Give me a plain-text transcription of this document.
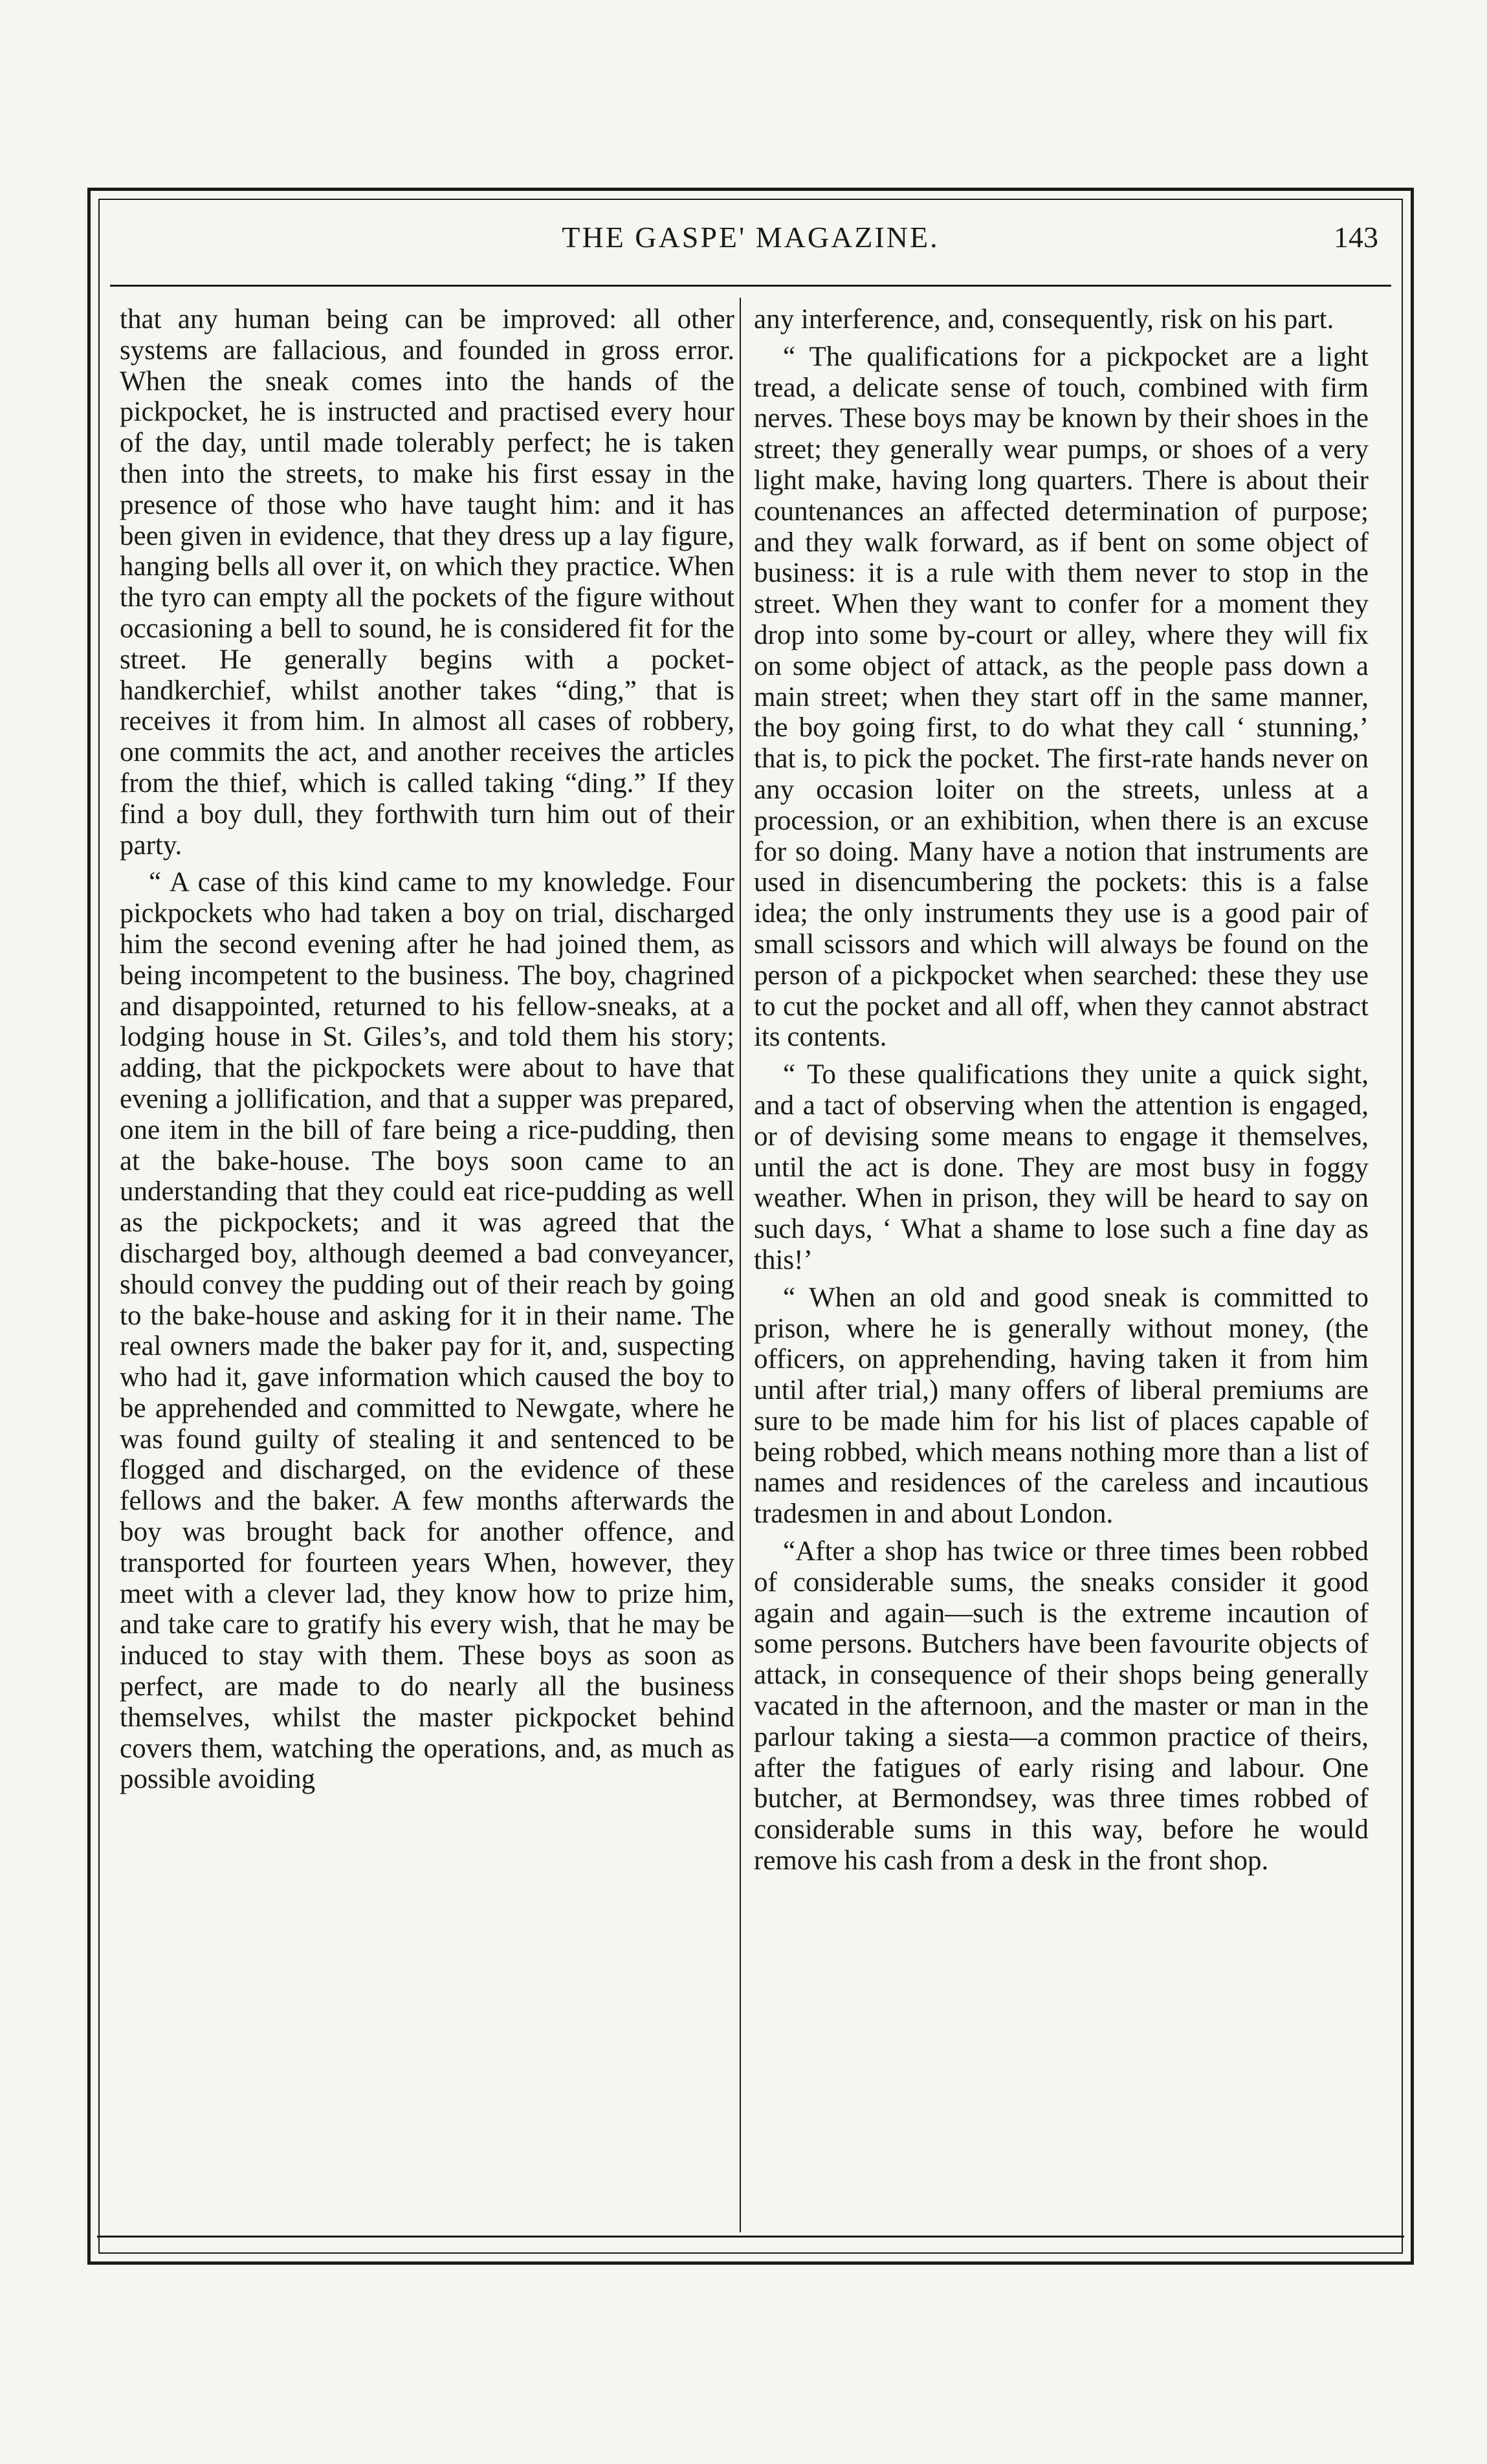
THE GASPE' MAGAZINE.	143

that any human being can be improved: all other systems are fallacious, and founded in gross error. When the sneak comes into the hands of the pickpocket, he is instructed and practised every hour of the day, until made tolerably perfect; he is taken then into the streets, to make his first essay in the presence of those who have taught him: and it has been given in evidence, that they dress up a lay figure, hanging bells all over it, on which they practice. When the tyro can empty all the pockets of the figure without occasioning a bell to sound, he is considered fit for the street. He generally begins with a pocket-handkerchief, whilst another takes “ding,” that is receives it from him. In almost all cases of robbery, one commits the act, and another receives the articles from the thief, which is called taking “ding.” If they find a boy dull, they forthwith turn him out of their party.

“ A case of this kind came to my knowledge. Four pickpockets who had taken a boy on trial, discharged him the second evening after he had joined them, as being incompetent to the business. The boy, chagrined and disappointed, returned to his fellow-sneaks, at a lodging house in St. Giles’s, and told them his story; adding, that the pickpockets were about to have that evening a jollification, and that a supper was prepared, one item in the bill of fare being a rice-pudding, then at the bake-house. The boys soon came to an understanding that they could eat rice-pudding as well as the pickpockets; and it was agreed that the discharged boy, although deemed a bad conveyancer, should convey the pudding out of their reach by going to the bake-house and asking for it in their name. The real owners made the baker pay for it, and, suspecting who had it, gave information which caused the boy to be apprehended and committed to Newgate, where he was found guilty of stealing it and sentenced to be flogged and discharged, on the evidence of these fellows and the baker. A few months afterwards the boy was brought back for another offence, and transported for fourteen years When, however, they meet with a clever lad, they know how to prize him, and take care to gratify his every wish, that he may be induced to stay with them. These boys as soon as perfect, are made to do nearly all the business themselves, whilst the master pickpocket behind covers them, watching the operations, and, as much as possible avoiding

any interference, and, consequently, risk on his part.

“ The qualifications for a pickpocket are a light tread, a delicate sense of touch, combined with firm nerves. These boys may be known by their shoes in the street; they generally wear pumps, or shoes of a very light make, having long quarters. There is about their countenances an affected determination of purpose; and they walk forward, as if bent on some object of business: it is a rule with them never to stop in the street. When they want to confer for a moment they drop into some by-court or alley, where they will fix on some object of attack, as the people pass down a main street; when they start off in the same manner, the boy going first, to do what they call ‘ stunning,’ that is, to pick the pocket. The first-rate hands never on any occasion loiter on the streets, unless at a procession, or an exhibition, when there is an excuse for so doing. Many have a notion that instruments are used in disencumbering the pockets: this is a false idea; the only instruments they use is a good pair of small scissors and which will always be found on the person of a pickpocket when searched: these they use to cut the pocket and all off, when they cannot abstract its contents.

“ To these qualifications they unite a quick sight, and a tact of observing when the attention is engaged, or of devising some means to engage it themselves, until the act is done. They are most busy in foggy weather. When in prison, they will be heard to say on such days, ‘ What a shame to lose such a fine day as this!’

“ When an old and good sneak is committed to prison, where he is generally without money, (the officers, on apprehending, having taken it from him until after trial,) many offers of liberal premiums are sure to be made him for his list of places capable of being robbed, which means nothing more than a list of names and residences of the careless and incautious tradesmen in and about London.

“After a shop has twice or three times been robbed of considerable sums, the sneaks consider it good again and again—such is the extreme incaution of some persons. Butchers have been favourite objects of attack, in consequence of their shops being generally vacated in the afternoon, and the master or man in the parlour taking a siesta—a common practice of theirs, after the fatigues of early rising and labour. One butcher, at Bermondsey, was three times robbed of considerable sums in this way, before he would remove his cash from a desk in the front shop.
